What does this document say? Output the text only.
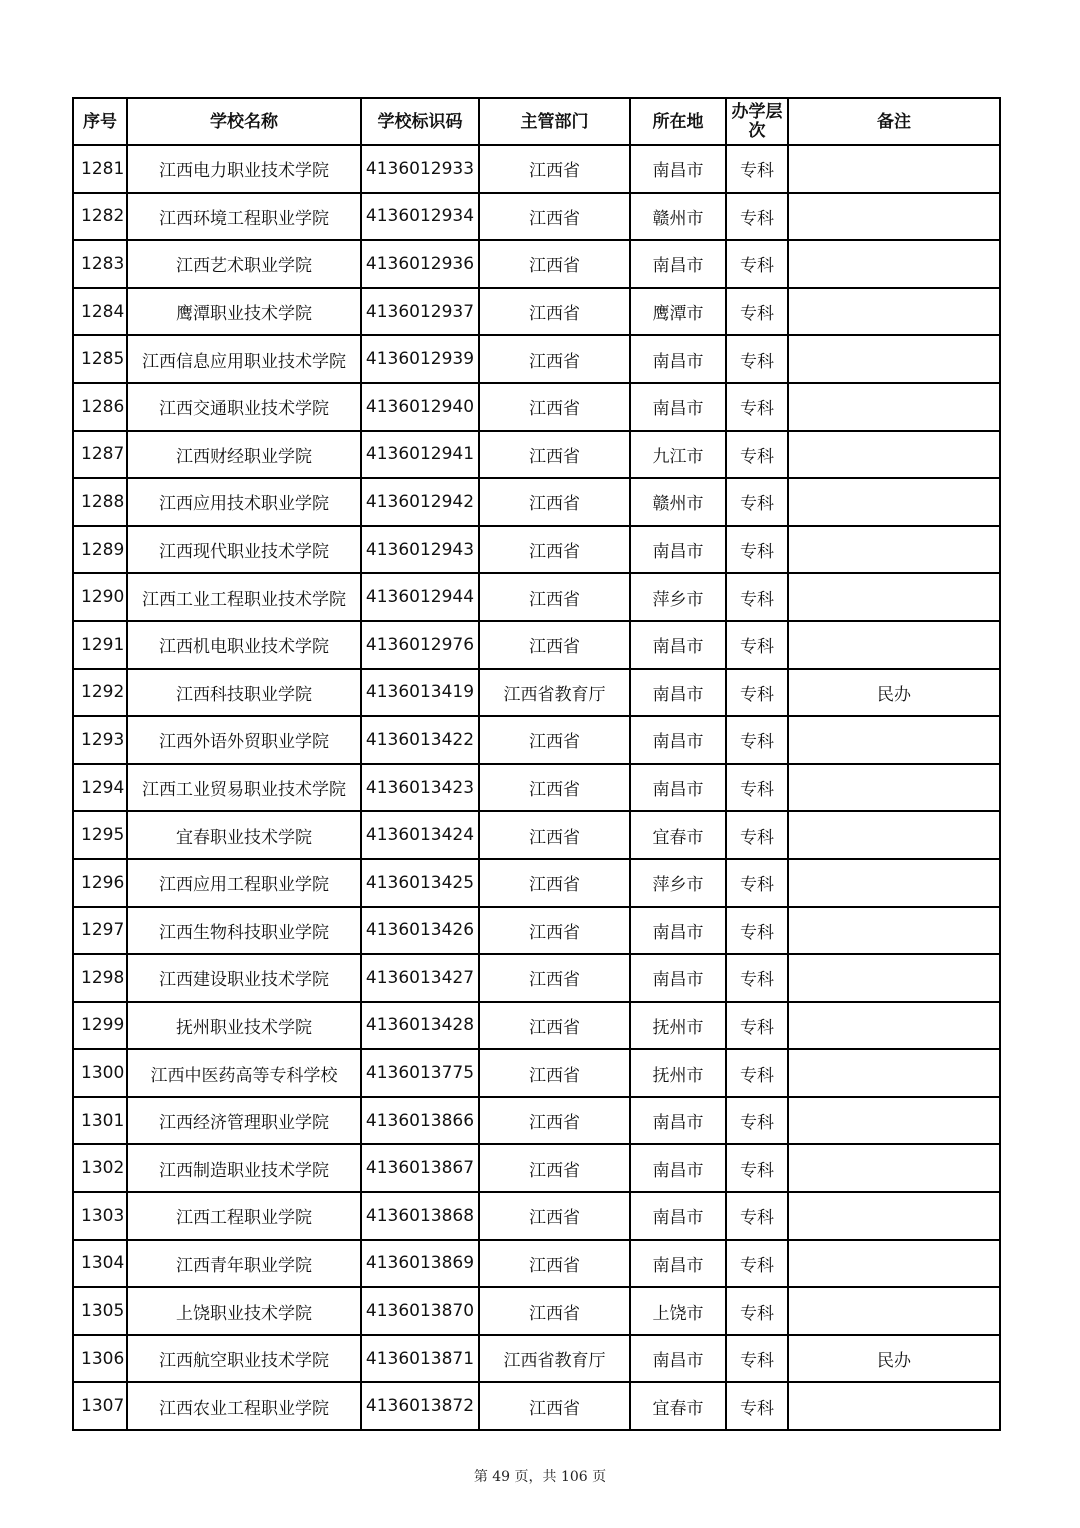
序号	学校名称	学校标识码	主管部门	所在地	办学层次	备注
1281	江西电力职业技术学院	4136012933	江西省	南昌市	专科	
1282	江西环境工程职业学院	4136012934	江西省	赣州市	专科	
1283	江西艺术职业学院	4136012936	江西省	南昌市	专科	
1284	鹰潭职业技术学院	4136012937	江西省	鹰潭市	专科	
1285	江西信息应用职业技术学院	4136012939	江西省	南昌市	专科	
1286	江西交通职业技术学院	4136012940	江西省	南昌市	专科	
1287	江西财经职业学院	4136012941	江西省	九江市	专科	
1288	江西应用技术职业学院	4136012942	江西省	赣州市	专科	
1289	江西现代职业技术学院	4136012943	江西省	南昌市	专科	
1290	江西工业工程职业技术学院	4136012944	江西省	萍乡市	专科	
1291	江西机电职业技术学院	4136012976	江西省	南昌市	专科	
1292	江西科技职业学院	4136013419	江西省教育厅	南昌市	专科	民办
1293	江西外语外贸职业学院	4136013422	江西省	南昌市	专科	
1294	江西工业贸易职业技术学院	4136013423	江西省	南昌市	专科	
1295	宜春职业技术学院	4136013424	江西省	宜春市	专科	
1296	江西应用工程职业学院	4136013425	江西省	萍乡市	专科	
1297	江西生物科技职业学院	4136013426	江西省	南昌市	专科	
1298	江西建设职业技术学院	4136013427	江西省	南昌市	专科	
1299	抚州职业技术学院	4136013428	江西省	抚州市	专科	
1300	江西中医药高等专科学校	4136013775	江西省	抚州市	专科	
1301	江西经济管理职业学院	4136013866	江西省	南昌市	专科	
1302	江西制造职业技术学院	4136013867	江西省	南昌市	专科	
1303	江西工程职业学院	4136013868	江西省	南昌市	专科	
1304	江西青年职业学院	4136013869	江西省	南昌市	专科	
1305	上饶职业技术学院	4136013870	江西省	上饶市	专科	
1306	江西航空职业技术学院	4136013871	江西省教育厅	南昌市	专科	民办
1307	江西农业工程职业学院	4136013872	江西省	宜春市	专科	
第 49 页，共 106 页
